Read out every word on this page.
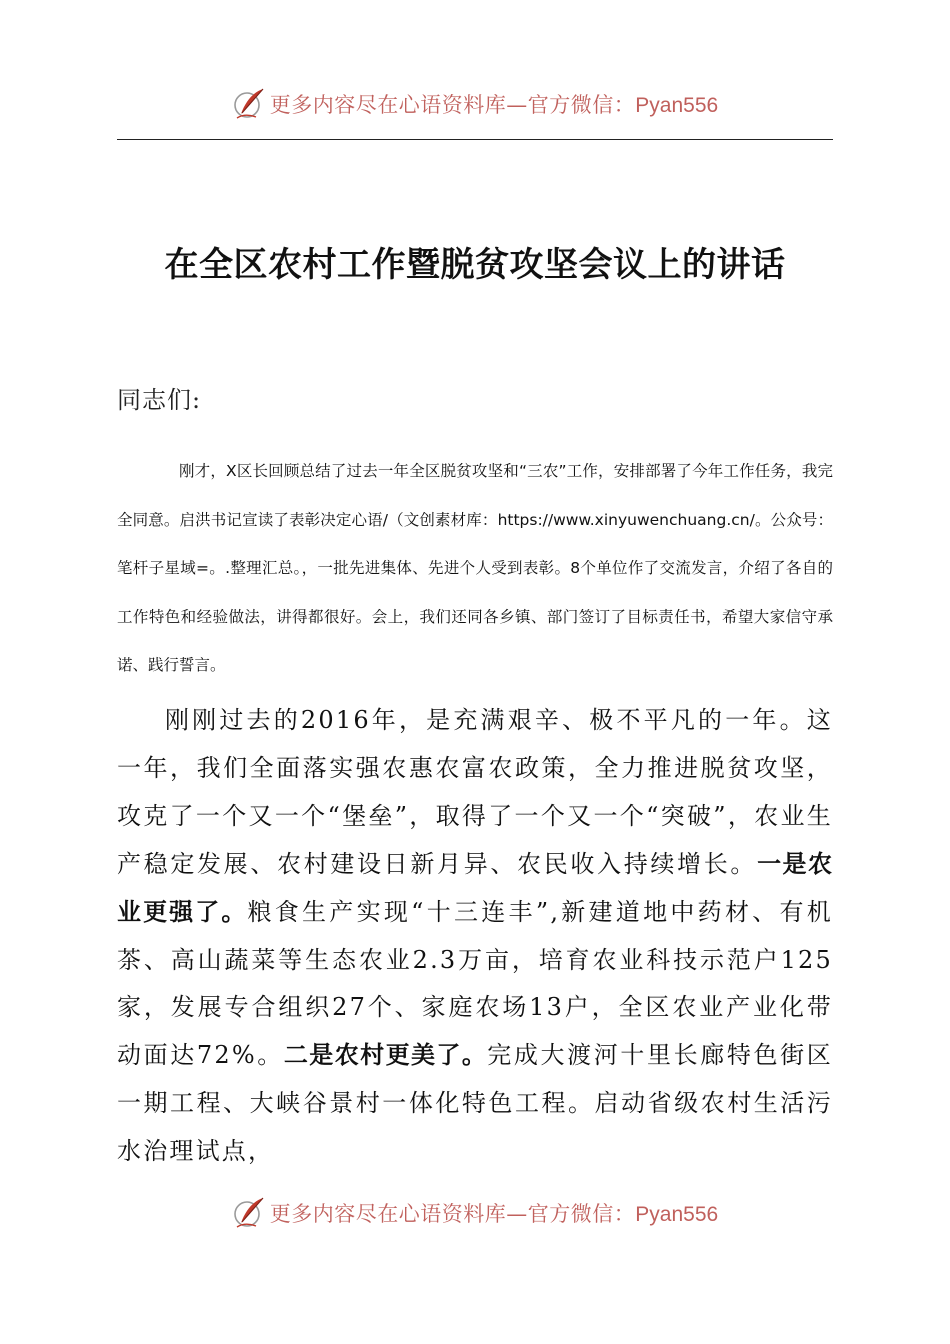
更多内容尽在心语资料库—官方微信：Pyan556
在全区农村工作暨脱贫攻坚会议上的讲话

同志们:

刚才，X区长回顾总结了过去一年全区脱贫攻坚和“三农”工作，安排部署了今年工作任务，我完全同意。启洪书记宣读了表彰决定心语/（文创素材库：https://www.xinyuwenchuang.cn/。公众号：笔杆子星域=。.整理汇总。，一批先进集体、先进个人受到表彰。8个单位作了交流发言，介绍了各自的工作特色和经验做法，讲得都很好。会上，我们还同各乡镇、部门签订了目标责任书，希望大家信守承诺、践行誓言。

刚刚过去的2016年，是充满艰辛、极不平凡的一年。这一年，我们全面落实强农惠农富农政策，全力推进脱贫攻坚，攻克了一个又一个“堡垒”，取得了一个又一个“突破”，农业生产稳定发展、农村建设日新月异、农民收入持续增长。一是农业更强了。粮食生产实现“十三连丰”,新建道地中药材、有机茶、高山蔬菜等生态农业2.3万亩，培育农业科技示范户125家，发展专合组织27个、家庭农场13户，全区农业产业化带动面达72%。二是农村更美了。完成大渡河十里长廊特色街区一期工程、大峡谷景村一体化特色工程。启动省级农村生活污水治理试点，

更多内容尽在心语资料库—官方微信：Pyan556
